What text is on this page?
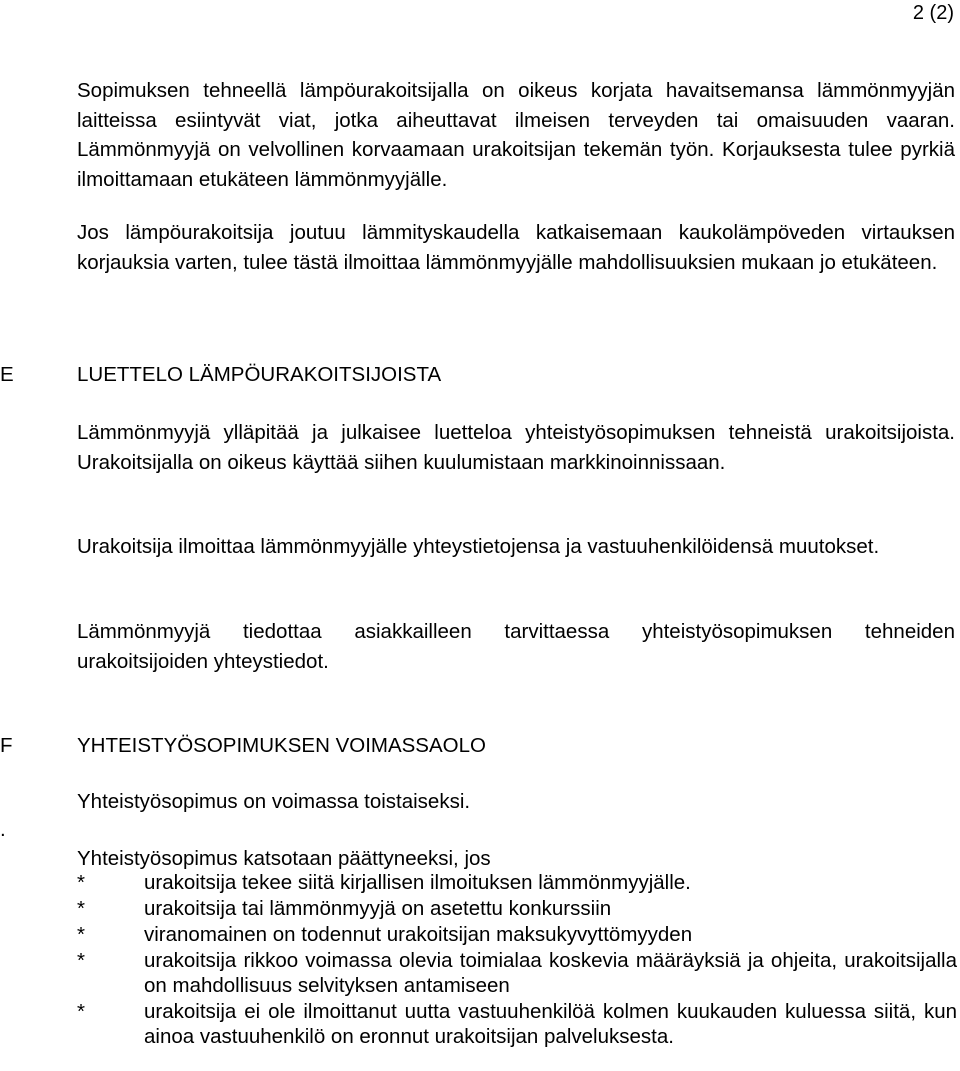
2 (2)

Sopimuksen tehneellä lämpöurakoitsijalla on oikeus korjata havaitsemansa lämmönmyyjän laitteissa esiintyvät viat, jotka aiheuttavat ilmeisen terveyden tai omaisuuden vaaran. Lämmönmyyjä on velvollinen korvaamaan urakoitsijan tekemän työn. Korjauksesta tulee pyrkiä ilmoittamaan etukäteen lämmönmyyjälle.

Jos lämpöurakoitsija joutuu lämmityskaudella katkaisemaan kaukolämpöveden virtauksen korjauksia varten, tulee tästä ilmoittaa lämmönmyyjälle mahdollisuuksien mukaan jo etukäteen.

E	LUETTELO LÄMPÖURAKOITSIJOISTA

Lämmönmyyjä ylläpitää ja julkaisee luetteloa yhteistyösopimuksen tehneistä urakoitsijoista. Urakoitsijalla on oikeus käyttää siihen kuulumistaan markkinoinnissaan.

Urakoitsija ilmoittaa lämmönmyyjälle yhteystietojensa ja vastuuhenkilöidensä muutokset.

Lämmönmyyjä tiedottaa asiakkailleen tarvittaessa yhteistyösopimuksen tehneiden urakoitsijoiden yhteystiedot.

F	YHTEISTYÖSOPIMUKSEN VOIMASSAOLO

Yhteistyösopimus on voimassa toistaiseksi.

.

Yhteistyösopimus katsotaan päättyneeksi, jos

*	urakoitsija tekee siitä kirjallisen ilmoituksen lämmönmyyjälle.
*	urakoitsija tai lämmönmyyjä on asetettu konkurssiin
*	viranomainen on todennut urakoitsijan maksukyvyttömyyden
*	urakoitsija rikkoo voimassa olevia toimialaa koskevia määräyksiä ja ohjeita, urakoitsijalla on mahdollisuus selvityksen antamiseen
*	urakoitsija ei ole ilmoittanut uutta vastuuhenkilöä kolmen kuukauden kuluessa siitä, kun ainoa vastuuhenkilö on eronnut urakoitsijan palveluksesta.
